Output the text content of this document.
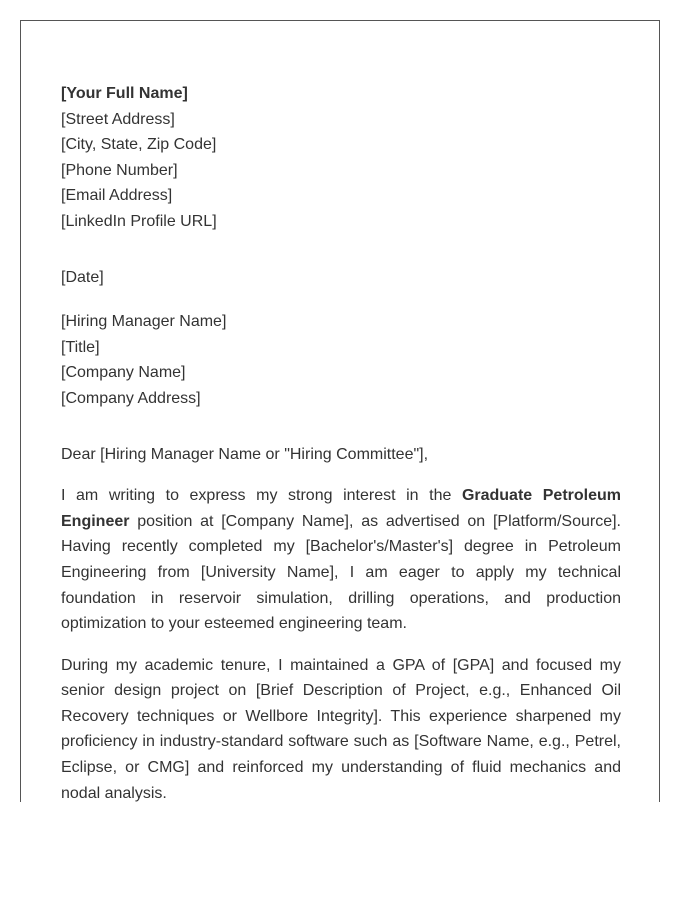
[Your Full Name]
[Street Address]
[City, State, Zip Code]
[Phone Number]
[Email Address]
[LinkedIn Profile URL]
[Date]
[Hiring Manager Name]
[Title]
[Company Name]
[Company Address]
Dear [Hiring Manager Name or "Hiring Committee"],

I am writing to express my strong interest in the Graduate Petroleum Engineer position at [Company Name], as advertised on [Platform/Source]. Having recently completed my [Bachelor's/Master's] degree in Petroleum Engineering from [University Name], I am eager to apply my technical foundation in reservoir simulation, drilling operations, and production optimization to your esteemed engineering team.

During my academic tenure, I maintained a GPA of [GPA] and focused my senior design project on [Brief Description of Project, e.g., Enhanced Oil Recovery techniques or Wellbore Integrity]. This experience sharpened my proficiency in industry-standard software such as [Software Name, e.g., Petrel, Eclipse, or CMG] and reinforced my understanding of fluid mechanics and nodal analysis.
